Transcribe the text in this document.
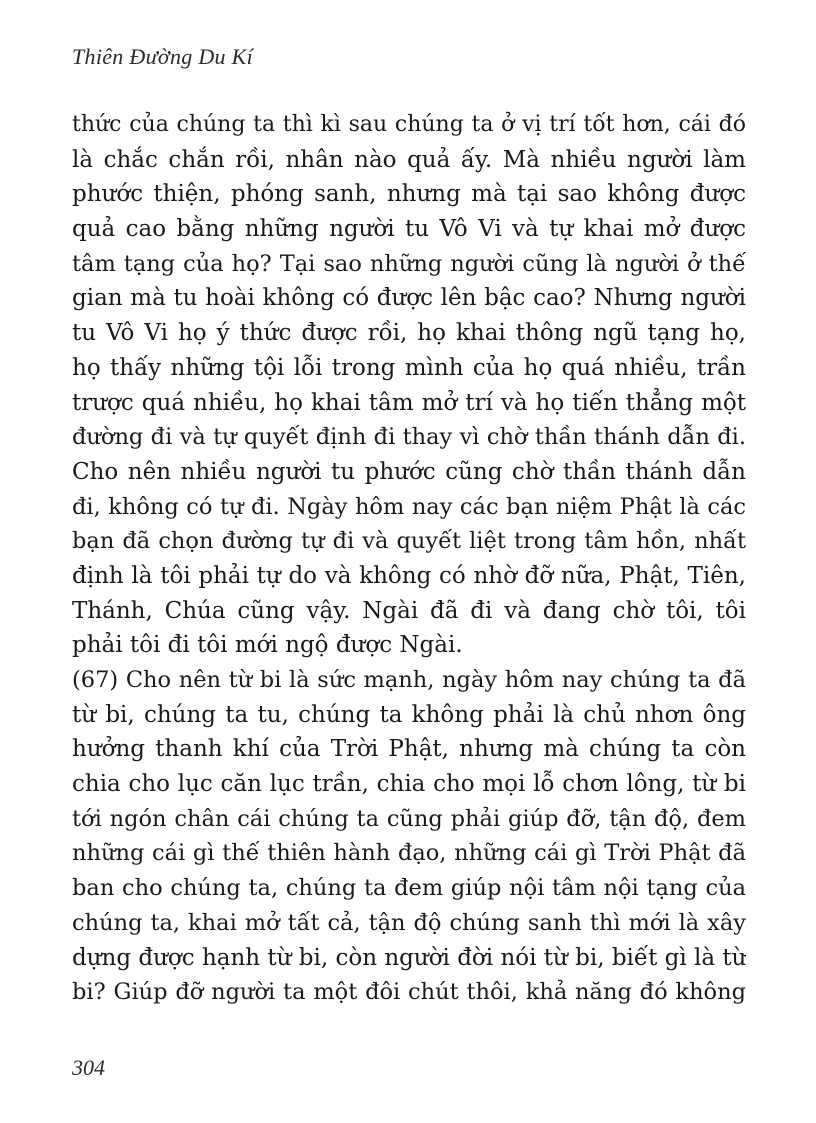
Thiên Đường Du Kí
thức của chúng ta thì kì sau chúng ta ở vị trí tốt hơn, cái đó
là chắc chắn rồi, nhân nào quả ấy. Mà nhiều người làm
phước thiện, phóng sanh, nhưng mà tại sao không được
quả cao bằng những người tu Vô Vi và tự khai mở được
tâm tạng của họ? Tại sao những người cũng là người ở thế
gian mà tu hoài không có được lên bậc cao? Nhưng người
tu Vô Vi họ ý thức được rồi, họ khai thông ngũ tạng họ,
họ thấy những tội lỗi trong mình của họ quá nhiều, trần
trược quá nhiều, họ khai tâm mở trí và họ tiến thẳng một
đường đi và tự quyết định đi thay vì chờ thần thánh dẫn đi.
Cho nên nhiều người tu phước cũng chờ thần thánh dẫn
đi, không có tự đi. Ngày hôm nay các bạn niệm Phật là các
bạn đã chọn đường tự đi và quyết liệt trong tâm hồn, nhất
định là tôi phải tự do và không có nhờ đỡ nữa, Phật, Tiên,
Thánh, Chúa cũng vậy. Ngài đã đi và đang chờ tôi, tôi
phải tôi đi tôi mới ngộ được Ngài.
(67) Cho nên từ bi là sức mạnh, ngày hôm nay chúng ta đã
từ bi, chúng ta tu, chúng ta không phải là chủ nhơn ông
hưởng thanh khí của Trời Phật, nhưng mà chúng ta còn
chia cho lục căn lục trần, chia cho mọi lỗ chơn lông, từ bi
tới ngón chân cái chúng ta cũng phải giúp đỡ, tận độ, đem
những cái gì thế thiên hành đạo, những cái gì Trời Phật đã
ban cho chúng ta, chúng ta đem giúp nội tâm nội tạng của
chúng ta, khai mở tất cả, tận độ chúng sanh thì mới là xây
dựng được hạnh từ bi, còn người đời nói từ bi, biết gì là từ
bi? Giúp đỡ người ta một đôi chút thôi, khả năng đó không
304
